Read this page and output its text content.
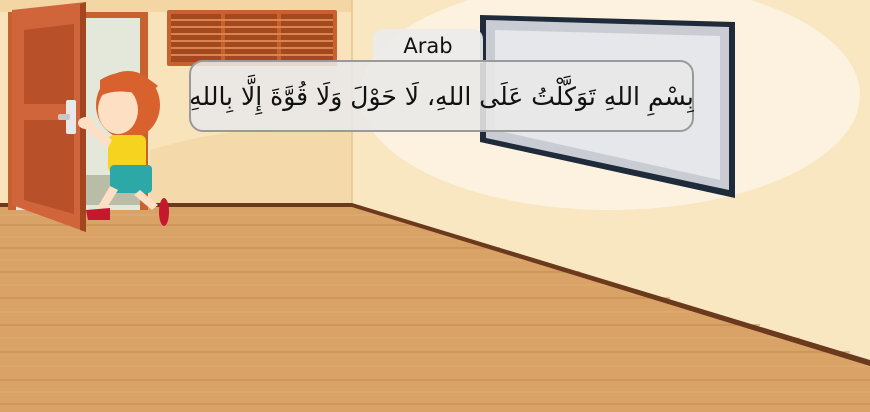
Arab
بِسْمِ اللهِ تَوَكَّلْتُ عَلَى اللهِ، لَا حَوْلَ وَلَا قُوَّةَ إِلَّا بِاللهِ
